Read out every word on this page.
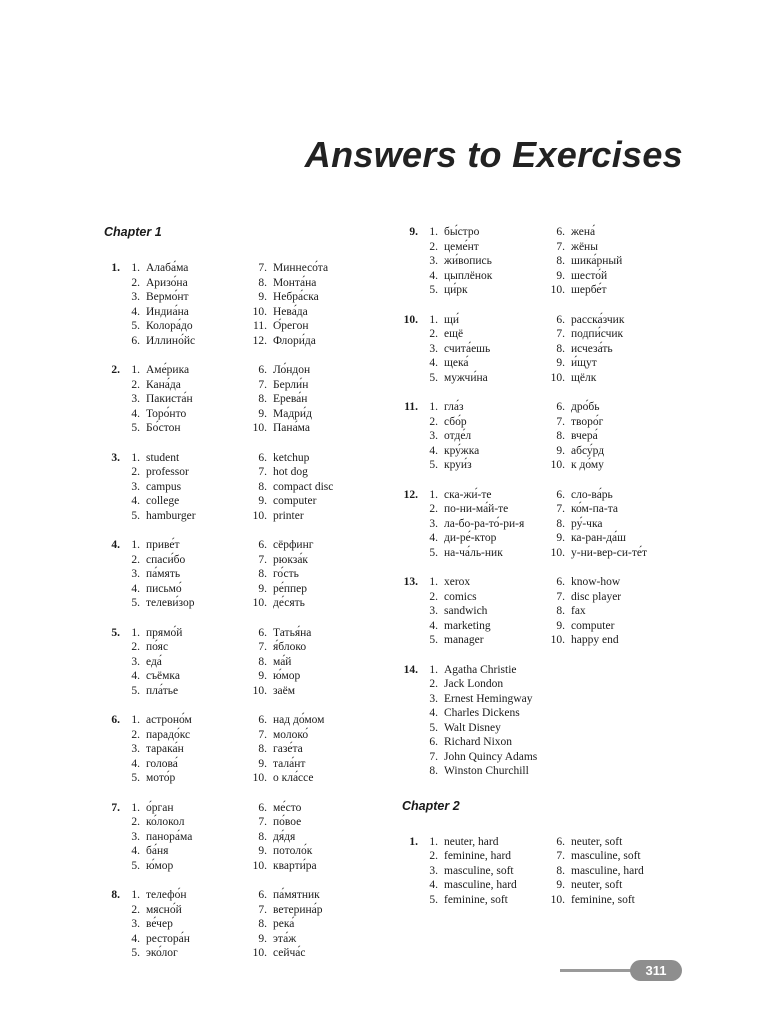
Answers to Exercises
Chapter 1
1. 1. Алаба́ма
2. Аризо́на
3. Вермо́нт
4. Индиа́на
5. Колора́до
6. Иллино́йс
7. Миннесо́та
8. Монта́на
9. Небра́ска
10. Нева́да
11. О́регон
12. Флори́да
2. 1. Аме́рика
2. Кана́да
3. Пакиста́н
4. Торо́нто
5. Бо́стон
6. Ло́ндон
7. Берли́н
8. Ерева́н
9. Мадри́д
10. Пана́ма
3. 1. student
2. professor
3. campus
4. college
5. hamburger
6. ketchup
7. hot dog
8. compact disc
9. computer
10. printer
4. 1. приве́т
2. спаси́бо
3. па́мять
4. письмо́
5. телеви́зор
6. сёрфинг
7. рюкза́к
8. го́сть
9. ре́ппер
10. де́сять
5. 1. прямо́й
2. по́яс
3. еда́
4. съёмка
5. пла́тье
6. Татья́на
7. я́блоко
8. ма́й
9. ю́мор
10. заём
6. 1. астроно́м
2. парадо́кс
3. тарака́н
4. голова́
5. мото́р
6. над до́мом
7. молоко́
8. газе́та
9. тала́нт
10. о кла́ссе
7. 1. о́рган
2. ко́локол
3. панора́ма
4. ба́ня
5. ю́мор
6. ме́сто
7. по́вое
8. дя́дя
9. потоло́к
10. кварти́ра
8. 1. телефо́н
2. мясно́й
3. ве́чер
4. рестора́н
5. эко́лог
6. па́мятник
7. ветерина́р
8. река́
9. эта́ж
10. сейча́с
9. 1. бы́стро
2. цеме́нт
3. жи́вопись
4. цыплёнок
5. ци́рк
6. жена́
7. жёны
8. шика́рный
9. шесто́й
10. шербе́т
10. 1. щи́
2. ещё
3. счита́ешь
4. щека́
5. мужчи́на
6. расска́зчик
7. подпи́счик
8. исчеза́ть
9. и́щут
10. щёлк
11. 1. гла́з
2. сбо́р
3. отде́л
4. кру́жка
5. круи́з
6. дро́бь
7. творо́г
8. вчера́
9. абсу́рд
10. к до́му
12. 1. ска-жи́-те
2. по-ни-ма́й-те
3. ла-бо-ра-то́-ри-я
4. ди-ре́-ктор
5. на-ча́ль-ник
6. сло-ва́рь
7. ко́м-па-та
8. ру́-чка
9. ка-ран-да́ш
10. у-ни-вер-си-те́т
13. 1. xerox
2. comics
3. sandwich
4. marketing
5. manager
6. know-how
7. disc player
8. fax
9. computer
10. happy end
14. 1. Agatha Christie
2. Jack London
3. Ernest Hemingway
4. Charles Dickens
5. Walt Disney
6. Richard Nixon
7. John Quincy Adams
8. Winston Churchill
Chapter 2
1. 1. neuter, hard
2. feminine, hard
3. masculine, soft
4. masculine, hard
5. feminine, soft
6. neuter, soft
7. masculine, soft
8. masculine, hard
9. neuter, soft
10. feminine, soft
311
